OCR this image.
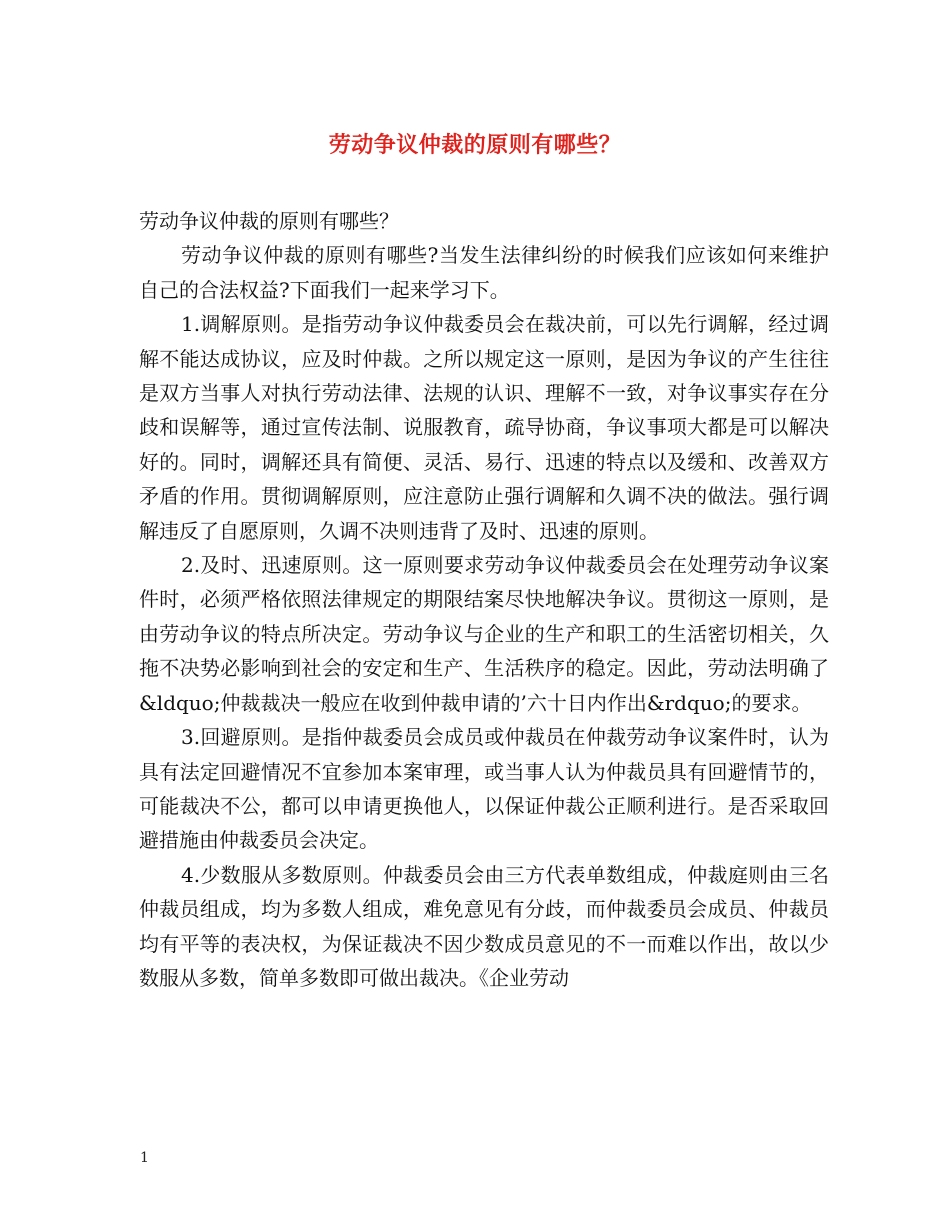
劳动争议仲裁的原则有哪些？

劳动争议仲裁的原则有哪些？

劳动争议仲裁的原则有哪些?当发生法律纠纷的时候我们应该如何来维护自己的合法权益?下面我们一起来学习下。

1.调解原则。是指劳动争议仲裁委员会在裁决前，可以先行调解，经过调解不能达成协议，应及时仲裁。之所以规定这一原则，是因为争议的产生往往是双方当事人对执行劳动法律、法规的认识、理解不一致，对争议事实存在分歧和误解等，通过宣传法制、说服教育，疏导协商，争议事项大都是可以解决好的。同时，调解还具有简便、灵活、易行、迅速的特点以及缓和、改善双方矛盾的作用。贯彻调解原则，应注意防止强行调解和久调不决的做法。强行调解违反了自愿原则，久调不决则违背了及时、迅速的原则。

2.及时、迅速原则。这一原则要求劳动争议仲裁委员会在处理劳动争议案件时，必须严格依照法律规定的期限结案尽快地解决争议。贯彻这一原则，是由劳动争议的特点所决定。劳动争议与企业的生产和职工的生活密切相关，久拖不决势必影响到社会的安定和生产、生活秩序的稳定。因此，劳动法明确了&ldquo;仲裁裁决一般应在收到仲裁申请的’六十日内作出&rdquo;的要求。

3.回避原则。是指仲裁委员会成员或仲裁员在仲裁劳动争议案件时，认为具有法定回避情况不宜参加本案审理，或当事人认为仲裁员具有回避情节的，可能裁决不公，都可以申请更换他人，以保证仲裁公正顺利进行。是否采取回避措施由仲裁委员会决定。

4.少数服从多数原则。仲裁委员会由三方代表单数组成，仲裁庭则由三名仲裁员组成，均为多数人组成，难免意见有分歧，而仲裁委员会成员、仲裁员均有平等的表决权，为保证裁决不因少数成员意见的不一而难以作出，故以少数服从多数，简单多数即可做出裁决。《企业劳动

1
